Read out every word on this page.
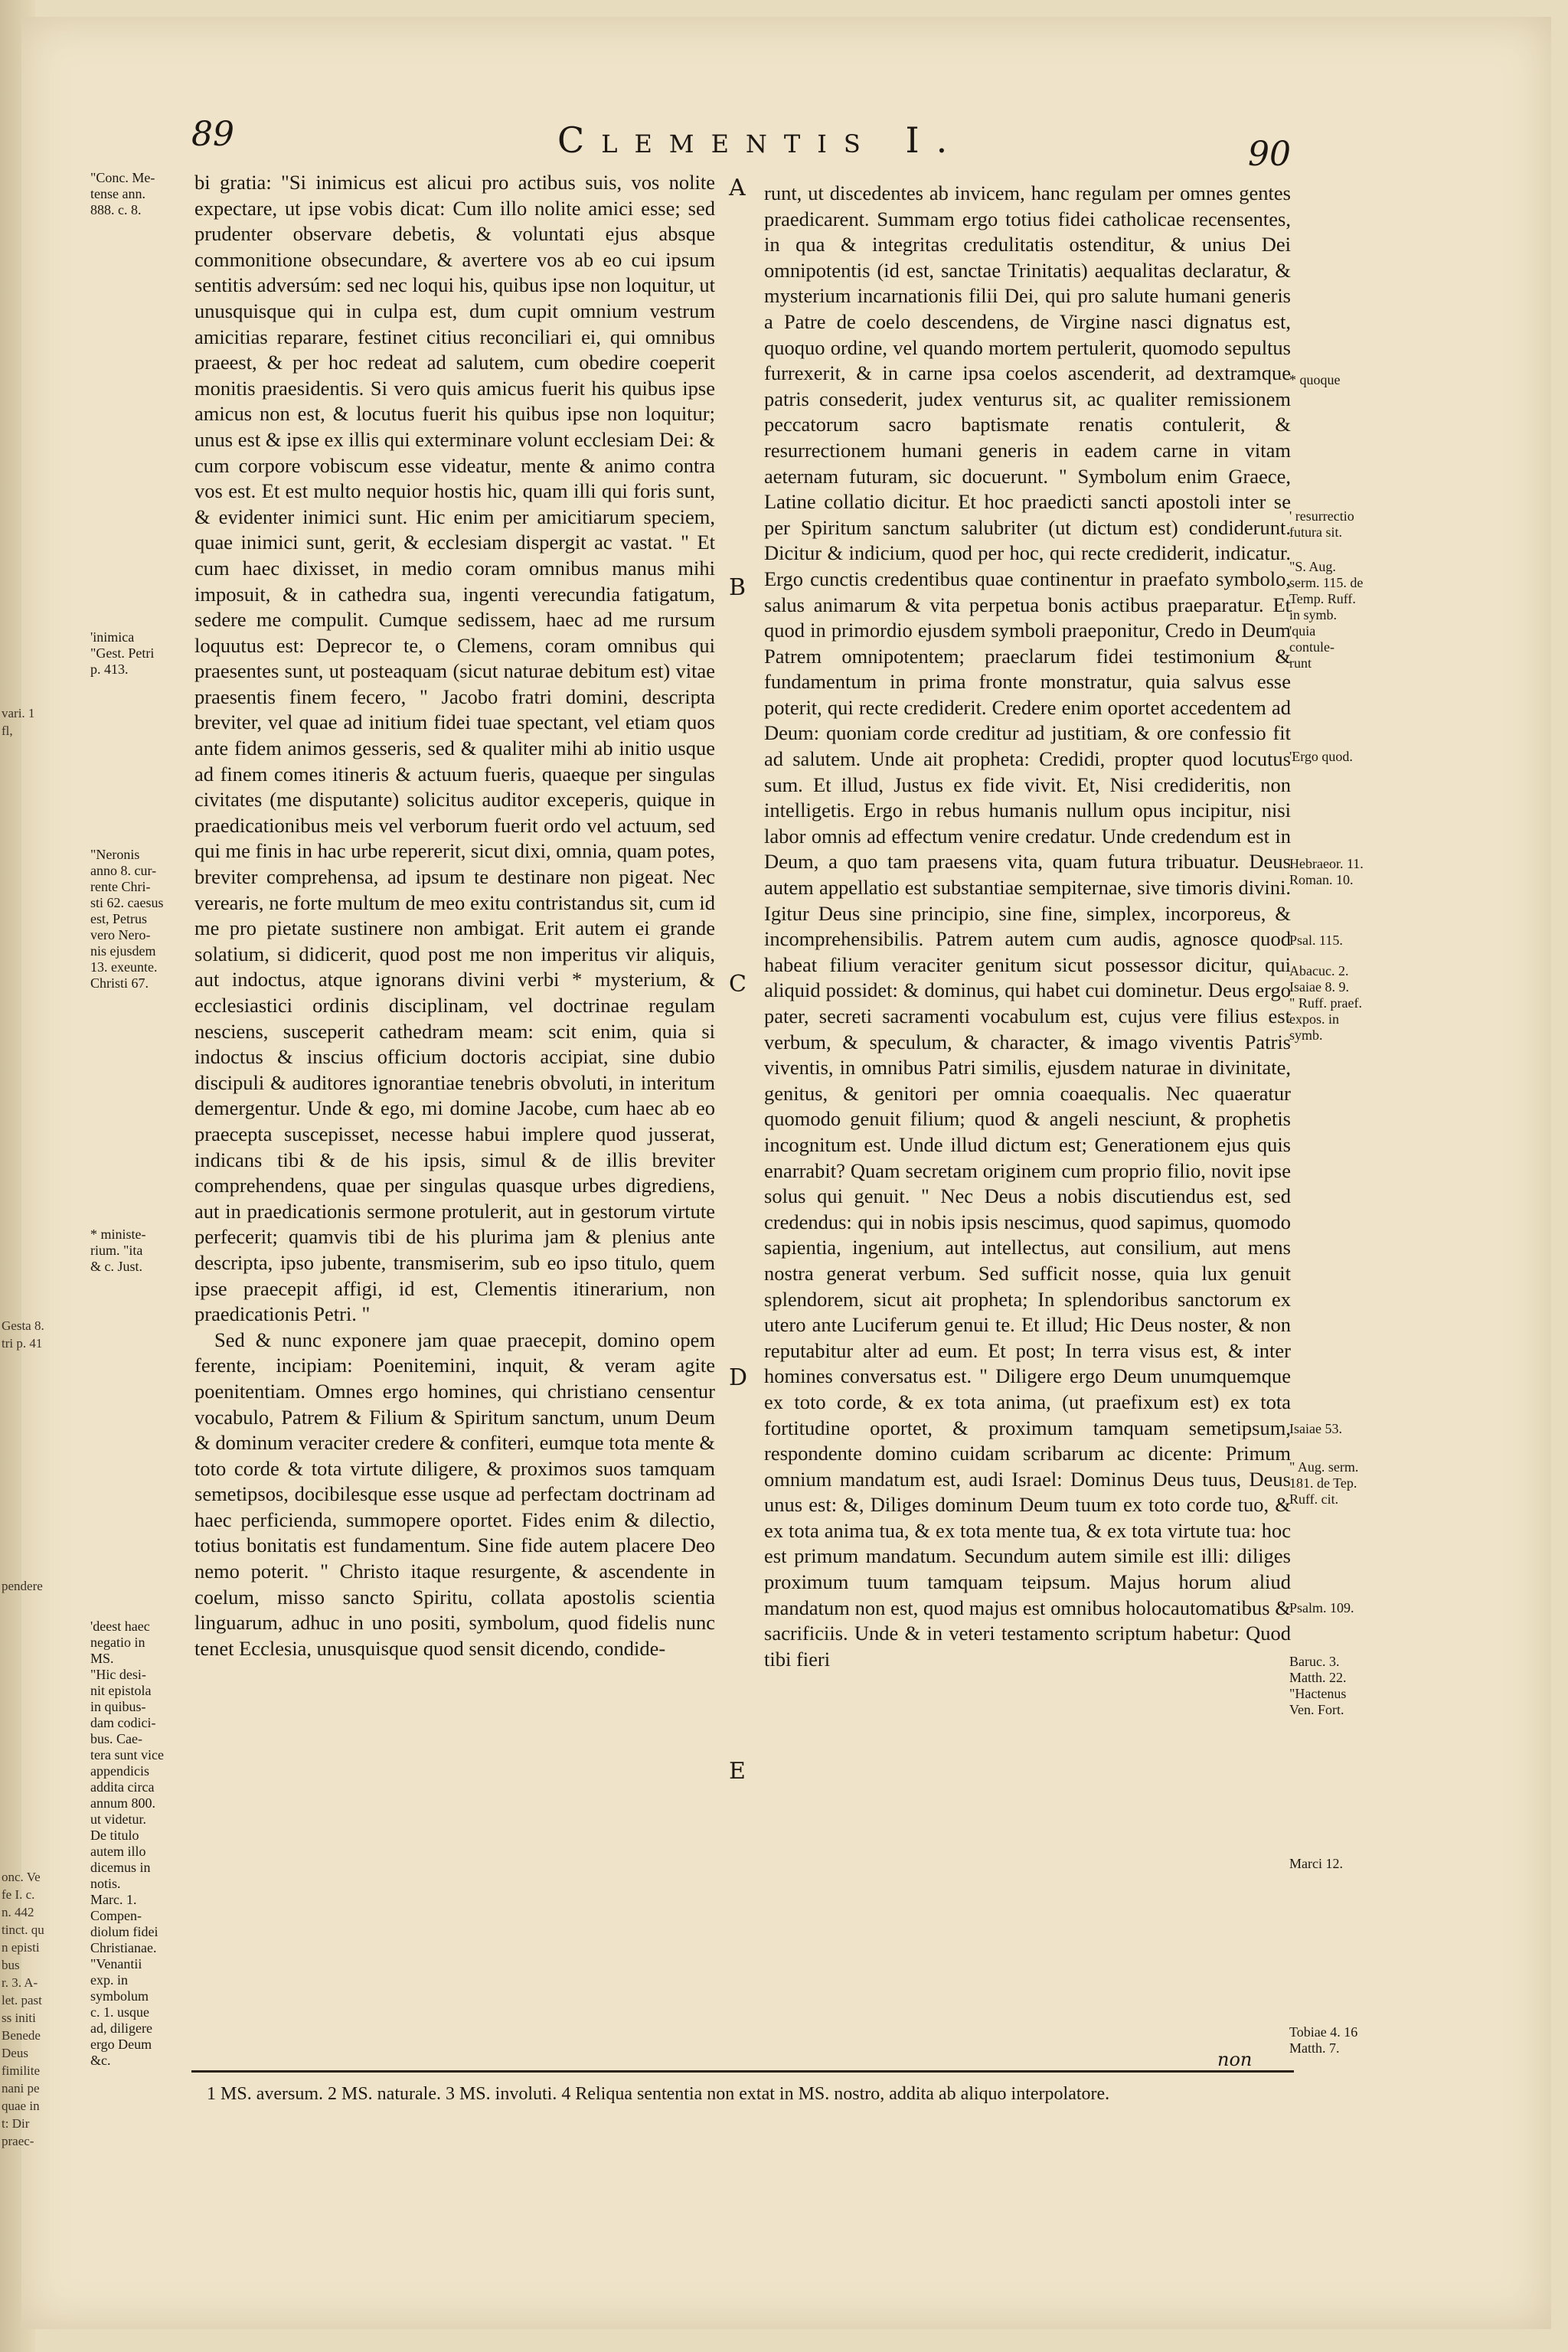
vari. 1
fl,
Gesta
tri p.
pendere
onc. Ve
fe I. c.
n. 442
tinct.
n episti
bus
r. 3. A-
let. past
ss initi
Benede
Deus
fimilite
nani pe
quae in
t: Dir
praec-
89	Clementis I.	90
"Conc. Me-
tense ann.
888. c. 8.
'inimica
"Gest. Petri
p. 413.
"Neronis
anno 8. cur-
rente Chri-
sti 62. caesus
est, Petrus
vero Nero-
nis ejusdem
13. exeunte.
Christi 67.
* ministe-
rium. "ita
& c. Just.
'deest haec
negatio in
MS.
"Hic desi-
nit epistola
in quibus-
dam codici-
bus. Cae-
tera sunt vice
appendicis
addita circa
annum 800.
ut videtur.
De titulo
autem illo
dicemus in
notis.
Marc. 1.
Compen-
diolum fidei
Christianae.
"Venantii
exp. in
symbolum
c. 1. usque
ad, diligere
ergo Deum
&c.
A
B
C
D
E

bi gratia: "Si inimicus est alicui pro actibus suis, vos nolite expectare, ut ipse vobis dicat: Cum illo nolite amici esse; sed prudenter observare debetis, & voluntati ejus absque commonitione obsecundare, & avertere vos ab eo cui ipsum sentitis adversúm: sed nec loqui his, quibus ipse non loquitur, ut unusquisque qui in culpa est, dum cupit omnium vestrum amicitias reparare, festinet citius reconciliari ei, qui omnibus praeest, & per hoc redeat ad salutem, cum obedire coeperit monitis praesidentis. Si vero quis amicus fuerit his quibus ipse amicus non est, & locutus fuerit his quibus ipse non loquitur; unus est & ipse ex illis qui exterminare volunt ecclesiam Dei: & cum corpore vobiscum esse videatur, mente & animo contra vos est. Et est multo nequior hostis hic, quam illi qui foris sunt, & evidenter inimici sunt. Hic enim per amicitiarum speciem, quae inimici sunt, gerit, & ecclesiam dispergit ac vastat. " Et cum haec dixisset, in medio coram omnibus manus mihi imposuit, & in cathedra sua, ingenti verecundia fatigatum, sedere me compulit. Cumque sedissem, haec ad me rursum loquutus est: Deprecor te, o Clemens, coram omnibus qui praesentes sunt, ut posteaquam (sicut naturae debitum est) vitae praesentis finem fecero, " Jacobo fratri domini, descripta breviter, vel quae ad initium fidei tuae spectant, vel etiam quos ante fidem animos gesseris, sed & qualiter mihi ab initio usque ad finem comes itineris & actuum fueris, quaeque per singulas civitates (me disputante) solicitus auditor exceperis, quique in praedicationibus meis vel verborum fuerit ordo vel actuum, sed qui me finis in hac urbe repererit, sicut dixi, omnia, quam potes, breviter comprehensa, ad ipsum te destinare non pigeat. Nec verearis, ne forte multum de meo exitu contristandus sit, cum id me pro pietate sustinere non ambigat. Erit autem ei grande solatium, si didicerit, quod post me non imperitus vir aliquis, aut indoctus, atque ignorans divini verbi * mysterium, & ecclesiastici ordinis disciplinam, vel doctrinae regulam nesciens, susceperit cathedram meam: scit enim, quia si indoctus & inscius officium doctoris accipiat, sine dubio discipuli & auditores ignorantiae tenebris obvoluti, in interitum demergentur. Unde & ego, mi domine Jacobe, cum haec ab eo praecepta suscepisset, necesse habui implere quod jusserat, indicans tibi & de his ipsis, simul & de illis breviter comprehendens, quae per singulas quasque urbes digrediens, aut in praedicationis sermone protulerit, aut in gestorum virtute perfecerit; quamvis tibi de his plurima jam & plenius ante descripta, ipso jubente, transmiserim, sub eo ipso titulo, quem ipse praecepit affigi, id est, Clementis itinerarium, non praedicationis Petri. "

Sed & nunc exponere jam quae praecepit, domino opem ferente, incipiam: Poenitemini, inquit, & veram agite poenitentiam. Omnes ergo homines, qui christiano censentur vocabulo, Patrem & Filium & Spiritum sanctum, unum Deum & dominum veraciter credere & confiteri, eumque tota mente & toto corde & tota virtute diligere, & proximos suos tamquam semetipsos, docibilesque esse usque ad perfectam doctrinam ad haec perficienda, summopere oportet. Fides enim & dilectio, totius bonitatis est fundamentum. Sine fide autem placere Deo nemo poterit. " Christo itaque resurgente, & ascendente in coelum, misso sancto Spiritu, collata apostolis scientia linguarum, adhuc in uno positi, symbolum, quod fidelis nunc tenet Ecclesia, unusquisque quod sensit dicendo, condide-

runt, ut discedentes ab invicem, hanc regulam per omnes gentes praedicarent. Summam ergo totius fidei catholicae recensentes, in qua & integritas credulitatis ostenditur, & unius Dei omnipotentis (id est, sanctae Trinitatis) aequalitas declaratur, & mysterium incarnationis filii Dei, qui pro salute humani generis a Patre de coelo descendens, de Virgine nasci dignatus est, quoquo ordine, vel quando mortem pertulerit, quomodo sepultus furrexerit, & in carne ipsa coelos ascenderit, ad dextramque patris consederit, judex venturus sit, ac qualiter remissionem peccatorum sacro baptismate renatis contulerit, & resurrectionem humani generis in eadem carne in vitam aeternam futuram, sic docuerunt. " Symbolum enim Graece, Latine collatio dicitur. Et hoc praedicti sancti apostoli inter se per Spiritum sanctum salubriter (ut dictum est) condiderunt. Dicitur & indicium, quod per hoc, qui recte crediderit, indicatur. Ergo cunctis credentibus quae continentur in praefato symbolo, salus animarum & vita perpetua bonis actibus praeparatur. Et quod in primordio ejusdem symboli praeponitur, Credo in Deum Patrem omnipotentem; praeclarum fidei testimonium & fundamentum in prima fronte monstratur, quia salvus esse poterit, qui recte crediderit. Credere enim oportet accedentem ad Deum: quoniam corde creditur ad justitiam, & ore confessio fit ad salutem. Unde ait propheta: Credidi, propter quod locutus sum. Et illud, Justus ex fide vivit. Et, Nisi credideritis, non intelligetis. Ergo in rebus humanis nullum opus incipitur, nisi labor omnis ad effectum venire credatur. Unde credendum est in Deum, a quo tam praesens vita, quam futura tribuatur. Deus autem appellatio est substantiae sempiternae, sive timoris divini. Igitur Deus sine principio, sine fine, simplex, incorporeus, & incomprehensibilis. Patrem autem cum audis, agnosce quod habeat filium veraciter genitum sicut possessor dicitur, qui aliquid possidet: & dominus, qui habet cui dominetur. Deus ergo pater, secreti sacramenti vocabulum est, cujus vere filius est verbum, & speculum, & character, & imago viventis Patris viventis, in omnibus Patri similis, ejusdem naturae in divinitate, genitus, & genitori per omnia coaequalis. Nec quaeratur quomodo genuit filium; quod & angeli nesciunt, & prophetis incognitum est. Unde illud dictum est; Generationem ejus quis enarrabit? Quam secretam originem cum proprio filio, novit ipse solus qui genuit. " Nec Deus a nobis discutiendus est, sed credendus: qui in nobis ipsis nescimus, quod sapimus, quomodo sapientia, ingenium, aut intellectus, aut consilium, aut mens nostra generat verbum. Sed sufficit nosse, quia lux genuit splendorem, sicut ait propheta; In splendoribus sanctorum ex utero ante Luciferum genui te. Et illud; Hic Deus noster, & non reputabitur alter ad eum. Et post; In terra visus est, & inter homines conversatus est. " Diligere ergo Deum unumquemque ex toto corde, & ex tota anima, (ut praefixum est) ex tota fortitudine oportet, & proximum tamquam semetipsum, respondente domino cuidam scribarum ac dicente: Primum omnium mandatum est, audi Israel: Dominus Deus tuus, Deus unus est: &, Diliges dominum Deum tuum ex toto corde tuo, & ex tota anima tua, & ex tota mente tua, & ex tota virtute tua: hoc est primum mandatum. Secundum autem simile est illi: diliges proximum tuum tamquam teipsum. Majus horum aliud mandatum non est, quod majus est omnibus holocautomatibus & sacrificiis. Unde & in veteri testamento scriptum habetur: Quod tibi fieri

non
* quoque
' resurrectio
futura sit.
"S. Aug.
serm. 115. de
Temp. Ruff.
in symb.
'quia
contule-
runt
'Ergo quod.
Hebraeor. 11.
Roman. 10.
Psal. 115.
Abacuc. 2.
Isaiae 8. 9.
" Ruff. praef.
expos. in
symb.
Isaiae 53.
" Aug. serm.
181. de Tep.
Ruff. cit.
Psalm. 109.
Baruc. 3.
Matth. 22.
"Hactenus
Ven. Fort.
Marci 12.
Tobiae 4. 16
Matth. 7.
1 MS. aversum. 2 MS. naturale. 3 MS. involuti. 4 Reliqua sententia non extat in MS. nostro, addita ab aliquo interpolatore.
